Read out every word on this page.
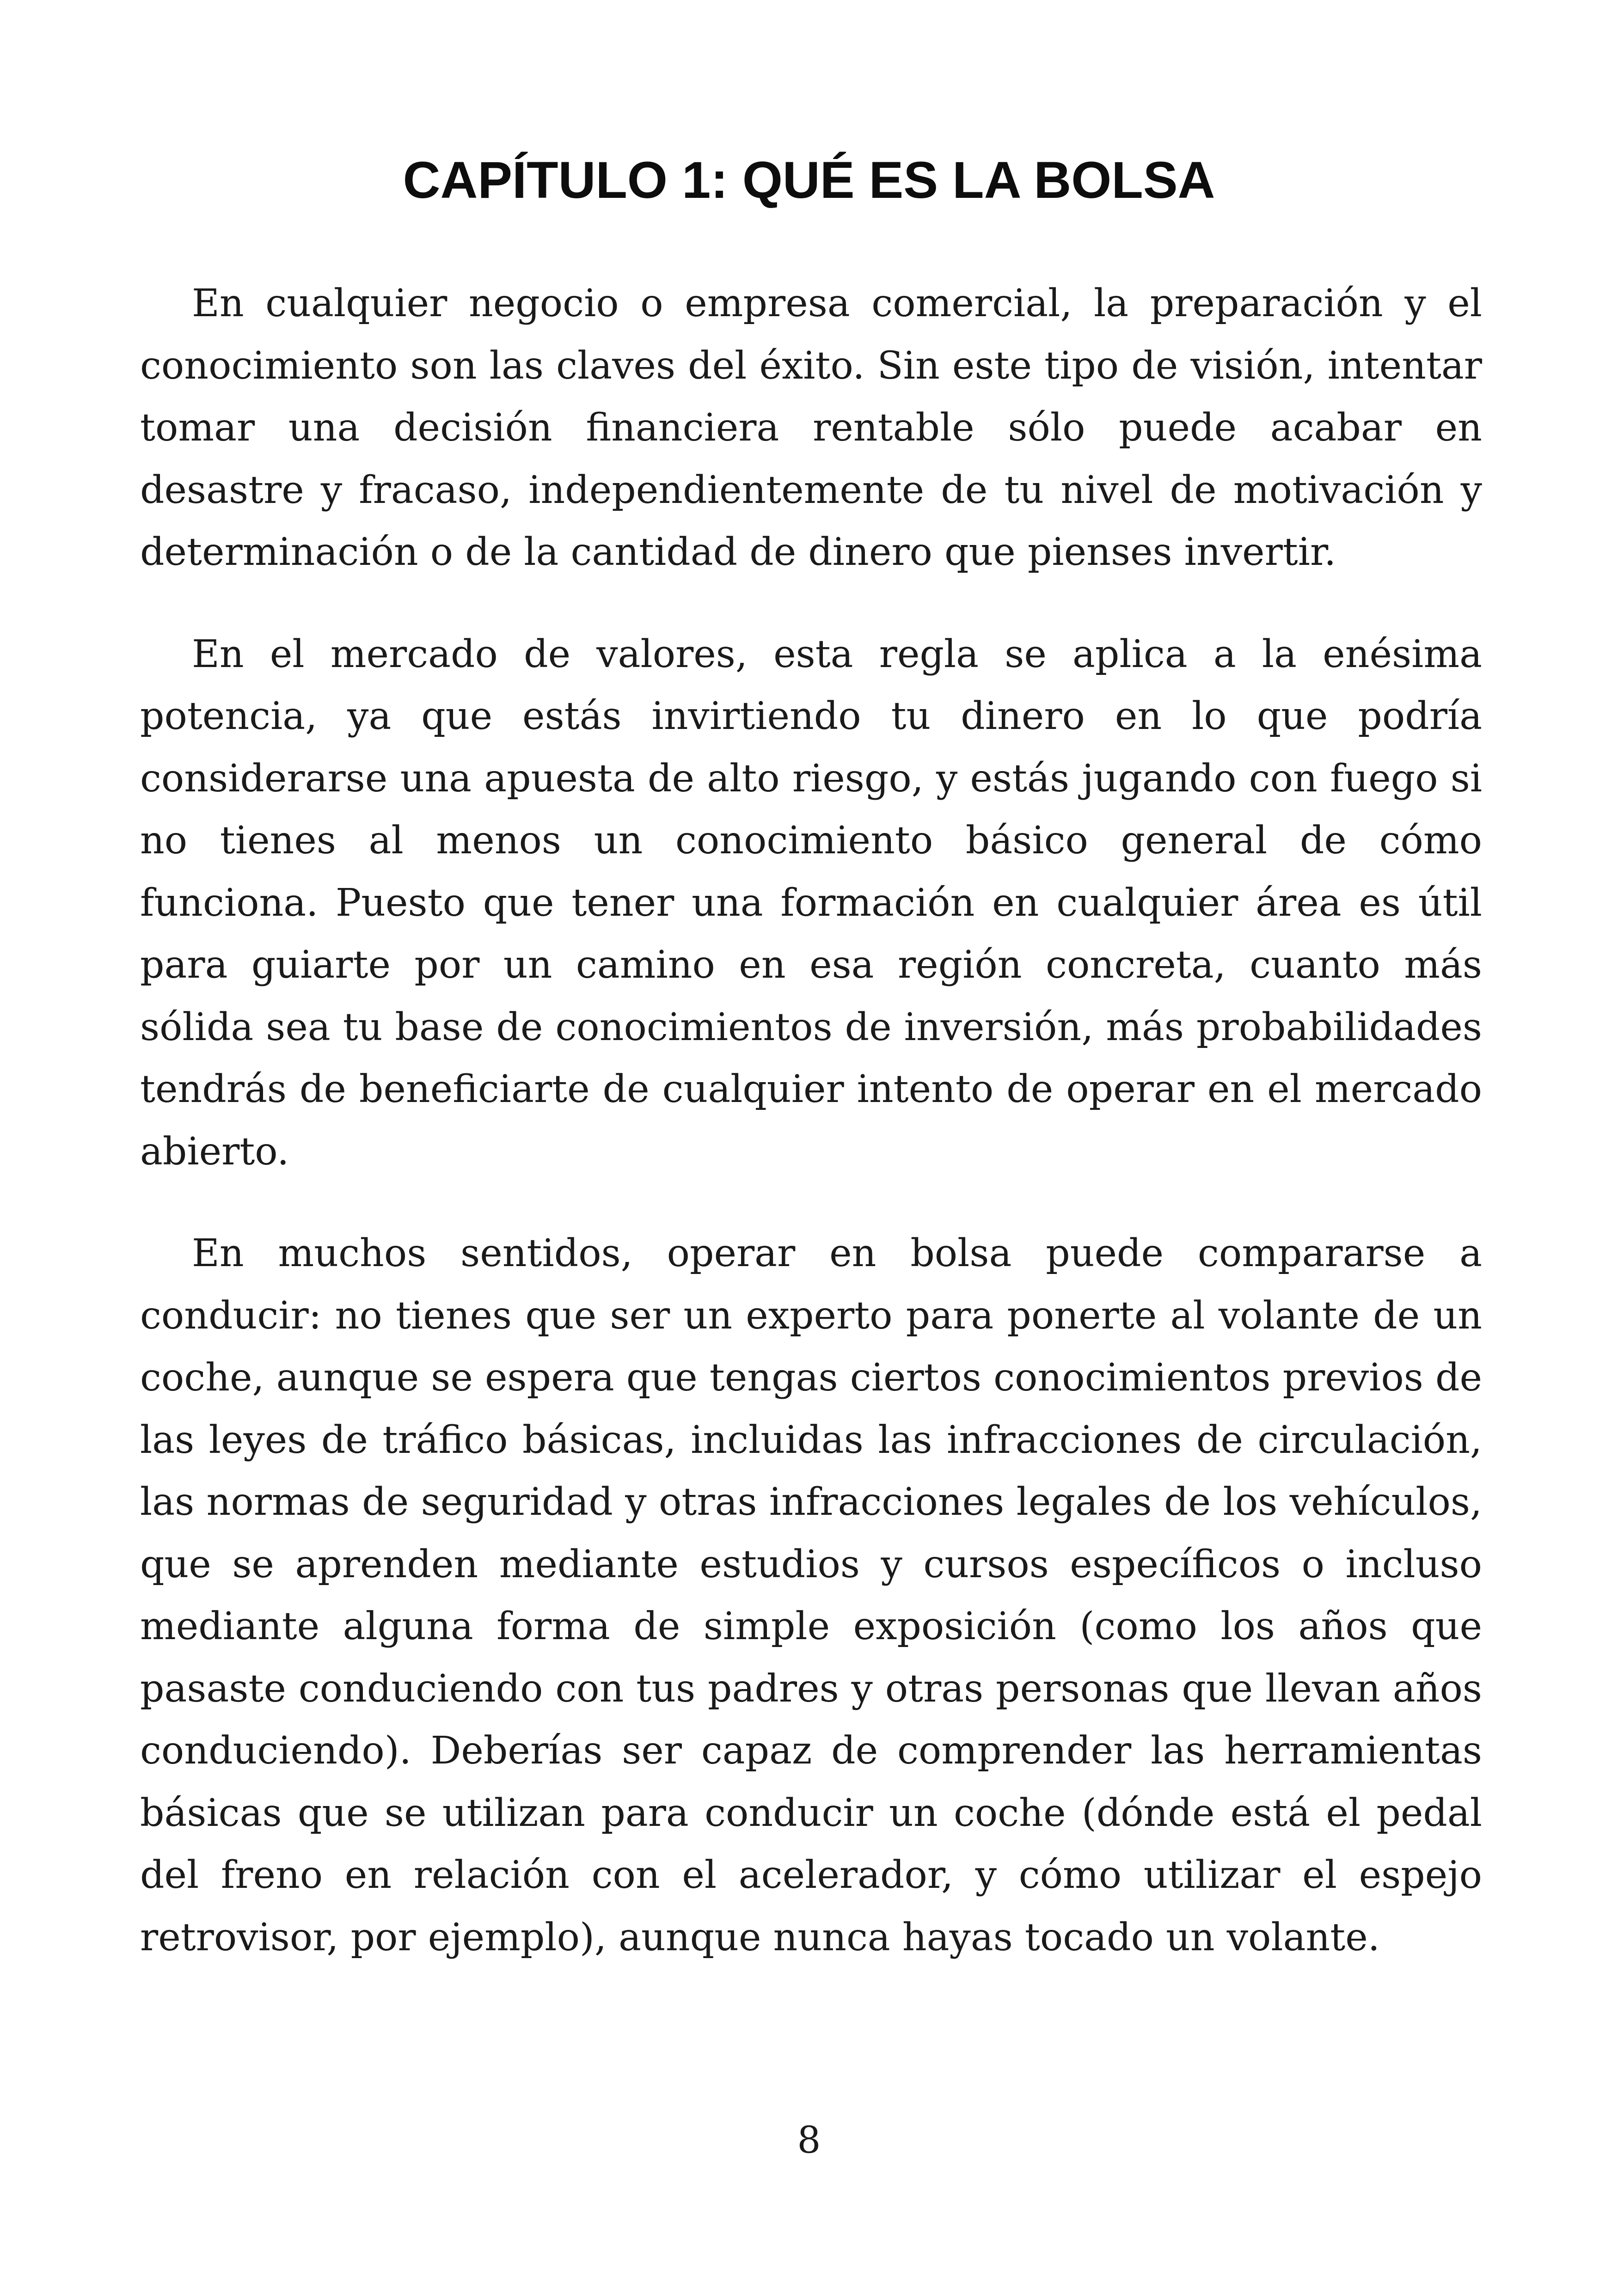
CAPÍTULO 1: QUÉ ES LA BOLSA

En cualquier negocio o empresa comercial, la preparación y el conocimiento son las claves del éxito. Sin este tipo de visión, intentar tomar una decisión financiera rentable sólo puede acabar en desastre y fracaso, independientemente de tu nivel de motivación y determinación o de la cantidad de dinero que pienses invertir.

En el mercado de valores, esta regla se aplica a la enésima potencia, ya que estás invirtiendo tu dinero en lo que podría considerarse una apuesta de alto riesgo, y estás jugando con fuego si no tienes al menos un conocimiento básico general de cómo funciona. Puesto que tener una formación en cualquier área es útil para guiarte por un camino en esa región concreta, cuanto más sólida sea tu base de conocimientos de inversión, más probabilidades tendrás de beneficiarte de cualquier intento de operar en el mercado abierto.

En muchos sentidos, operar en bolsa puede compararse a conducir: no tienes que ser un experto para ponerte al volante de un coche, aunque se espera que tengas ciertos conocimientos previos de las leyes de tráfico básicas, incluidas las infracciones de circulación, las normas de seguridad y otras infracciones legales de los vehículos, que se aprenden mediante estudios y cursos específicos o incluso mediante alguna forma de simple exposición (como los años que pasaste conduciendo con tus padres y otras personas que llevan años conduciendo). Deberías ser capaz de comprender las herramientas básicas que se utilizan para conducir un coche (dónde está el pedal del freno en relación con el acelerador, y cómo utilizar el espejo retrovisor, por ejemplo), aunque nunca hayas tocado un volante.

8
